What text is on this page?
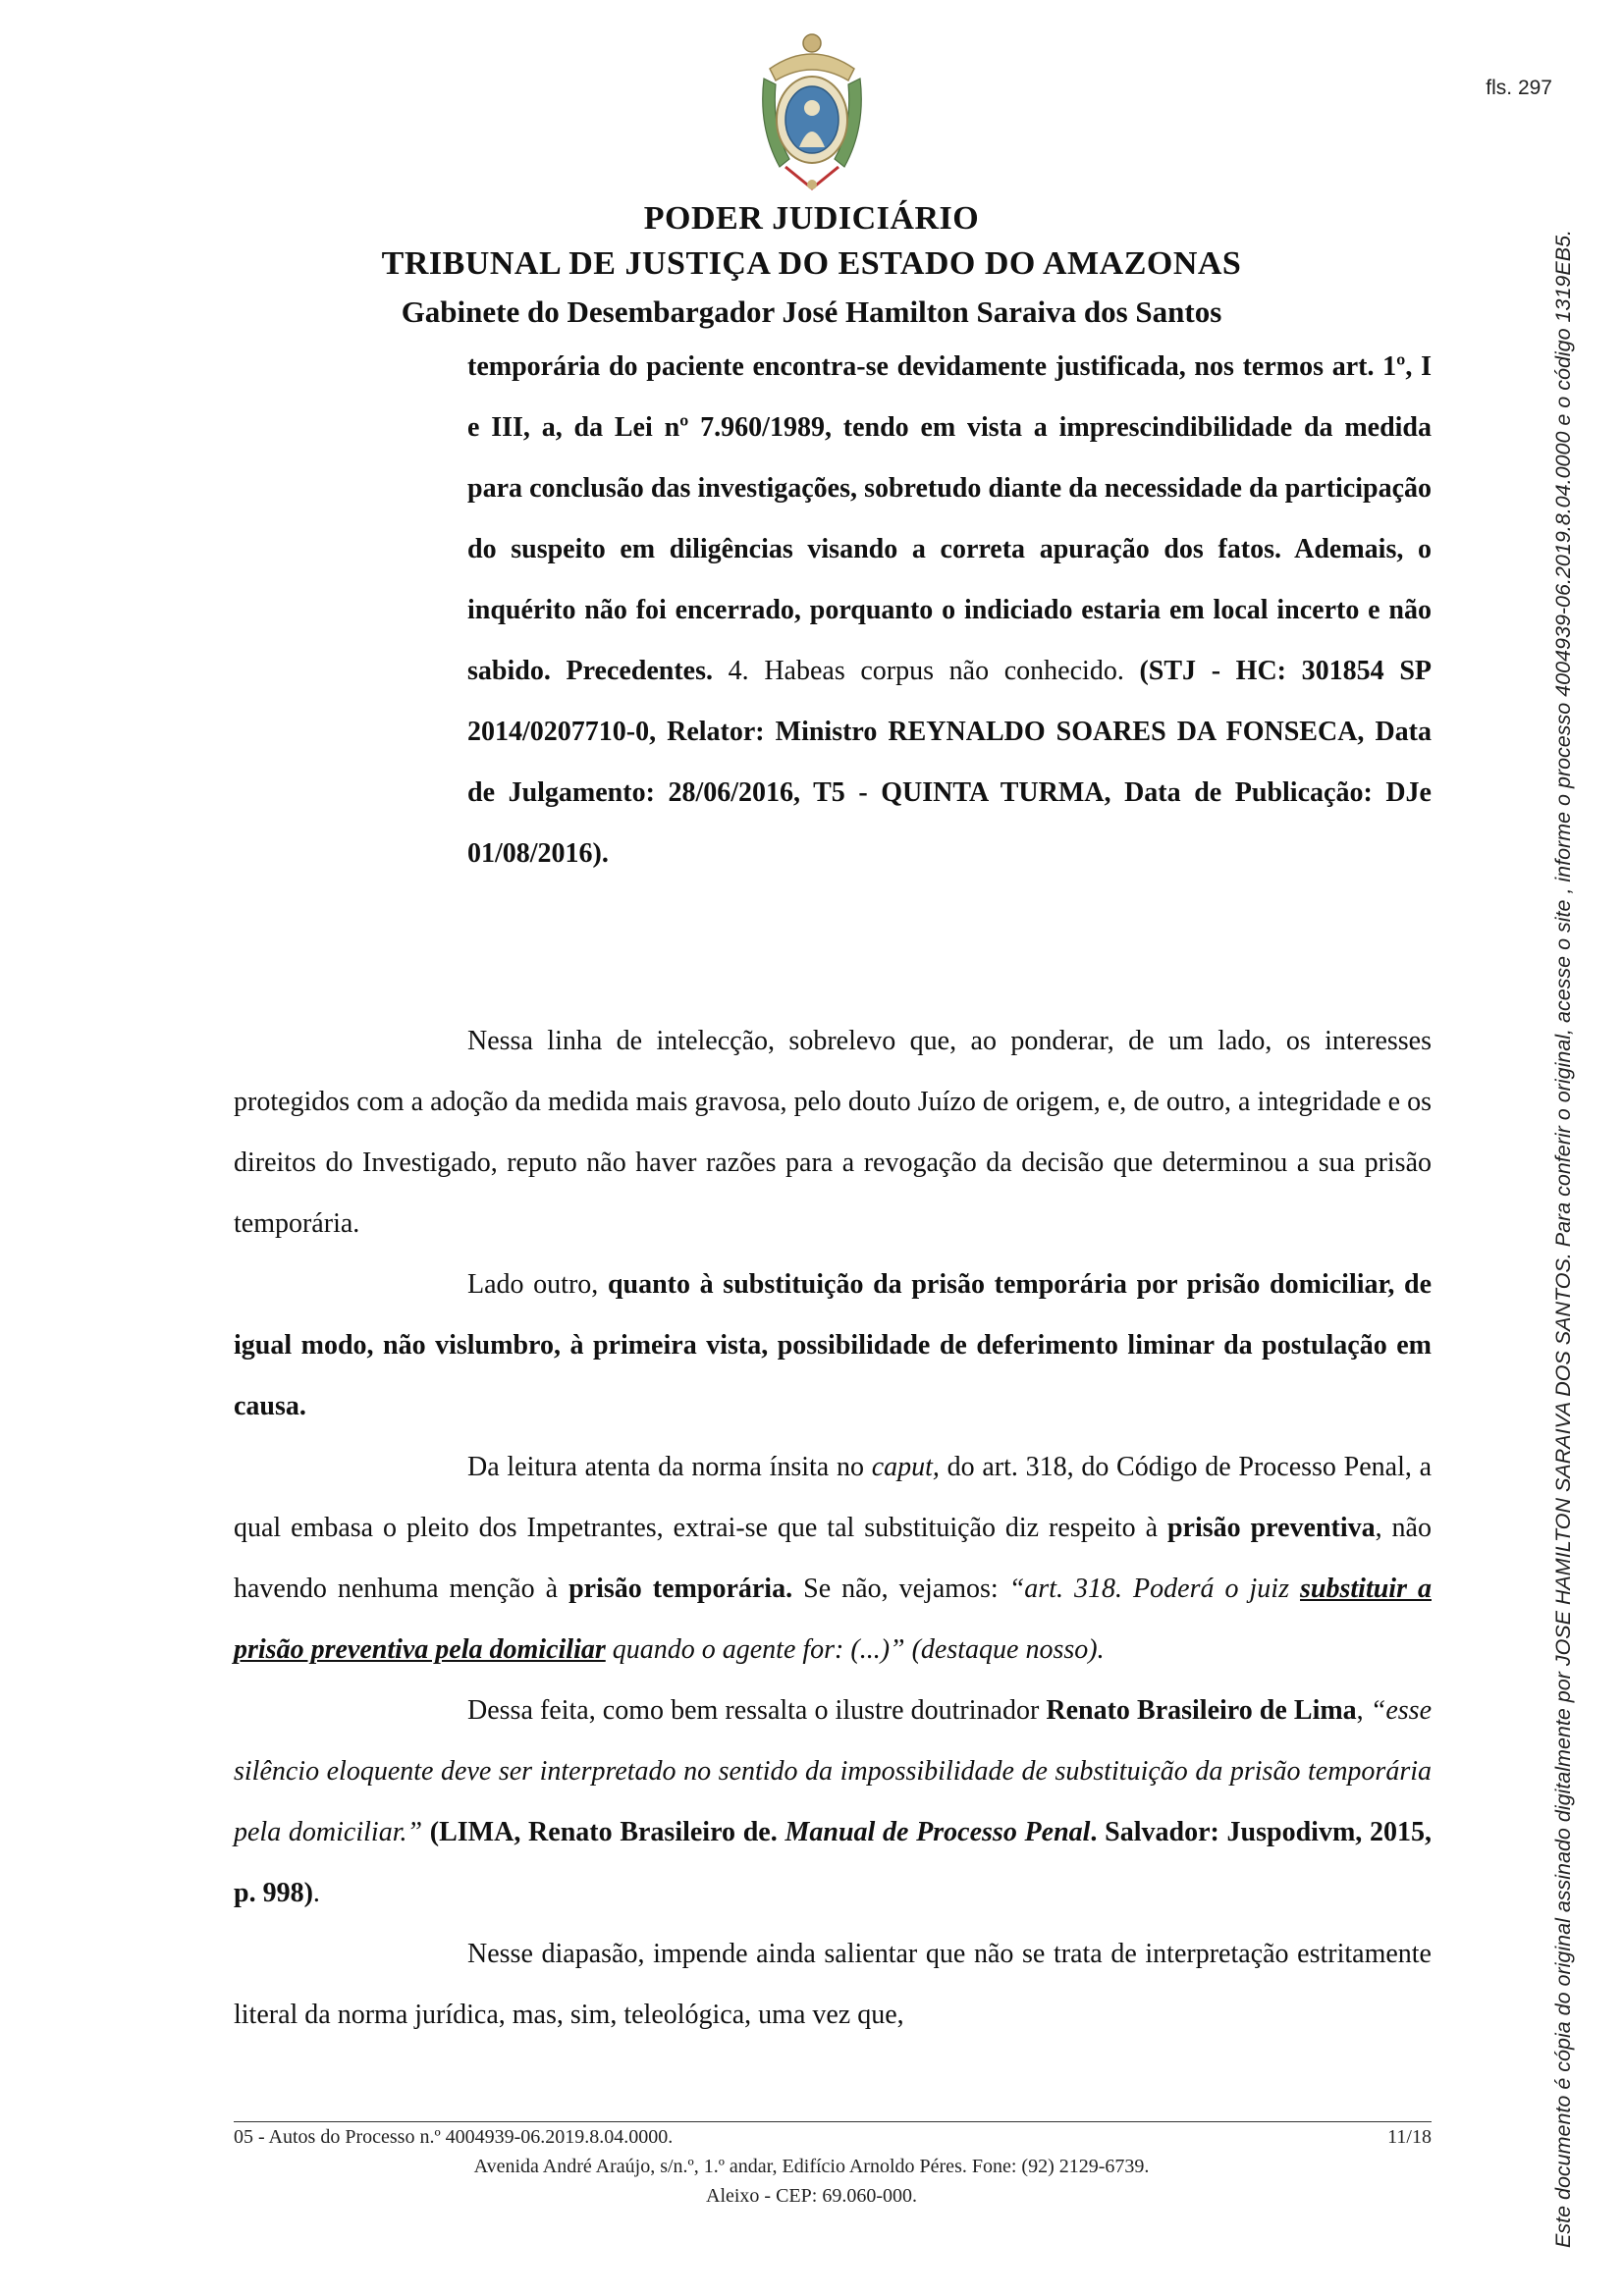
fls. 297
PODER JUDICIÁRIO
TRIBUNAL DE JUSTIÇA DO ESTADO DO AMAZONAS
Gabinete do Desembargador José Hamilton Saraiva dos Santos
temporária do paciente encontra-se devidamente justificada, nos termos art. 1º, I e III, a, da Lei nº 7.960/1989, tendo em vista a imprescindibilidade da medida para conclusão das investigações, sobretudo diante da necessidade da participação do suspeito em diligências visando a correta apuração dos fatos. Ademais, o inquérito não foi encerrado, porquanto o indiciado estaria em local incerto e não sabido. Precedentes. 4. Habeas corpus não conhecido. (STJ - HC: 301854 SP 2014/0207710-0, Relator: Ministro REYNALDO SOARES DA FONSECA, Data de Julgamento: 28/06/2016, T5 - QUINTA TURMA, Data de Publicação: DJe 01/08/2016).

Nessa linha de intelecção, sobrelevo que, ao ponderar, de um lado, os interesses protegidos com a adoção da medida mais gravosa, pelo douto Juízo de origem, e, de outro, a integridade e os direitos do Investigado, reputo não haver razões para a revogação da decisão que determinou a sua prisão temporária.

Lado outro, quanto à substituição da prisão temporária por prisão domiciliar, de igual modo, não vislumbro, à primeira vista, possibilidade de deferimento liminar da postulação em causa.

Da leitura atenta da norma ínsita no caput, do art. 318, do Código de Processo Penal, a qual embasa o pleito dos Impetrantes, extrai-se que tal substituição diz respeito à prisão preventiva, não havendo nenhuma menção à prisão temporária. Se não, vejamos: “art. 318. Poderá o juiz substituir a prisão preventiva pela domiciliar quando o agente for: (...)” (destaque nosso).

Dessa feita, como bem ressalta o ilustre doutrinador Renato Brasileiro de Lima, “esse silêncio eloquente deve ser interpretado no sentido da impossibilidade de substituição da prisão temporária pela domiciliar.” (LIMA, Renato Brasileiro de. Manual de Processo Penal. Salvador: Juspodivm, 2015, p. 998).

Nesse diapasão, impende ainda salientar que não se trata de interpretação estritamente literal da norma jurídica, mas, sim, teleológica, uma vez que,

05 - Autos do Processo n.º 4004939-06.2019.8.04.0000.	11/18
Avenida André Araújo, s/n.º, 1.º andar, Edifício Arnoldo Péres. Fone: (92) 2129-6739.
Aleixo - CEP: 69.060-000.	Este documento é cópia do original assinado digitalmente por JOSE HAMILTON SARAIVA DOS SANTOS. Para conferir o original, acesse o site , informe o processo 4004939-06.2019.8.04.0000 e o código 1319EB5.
